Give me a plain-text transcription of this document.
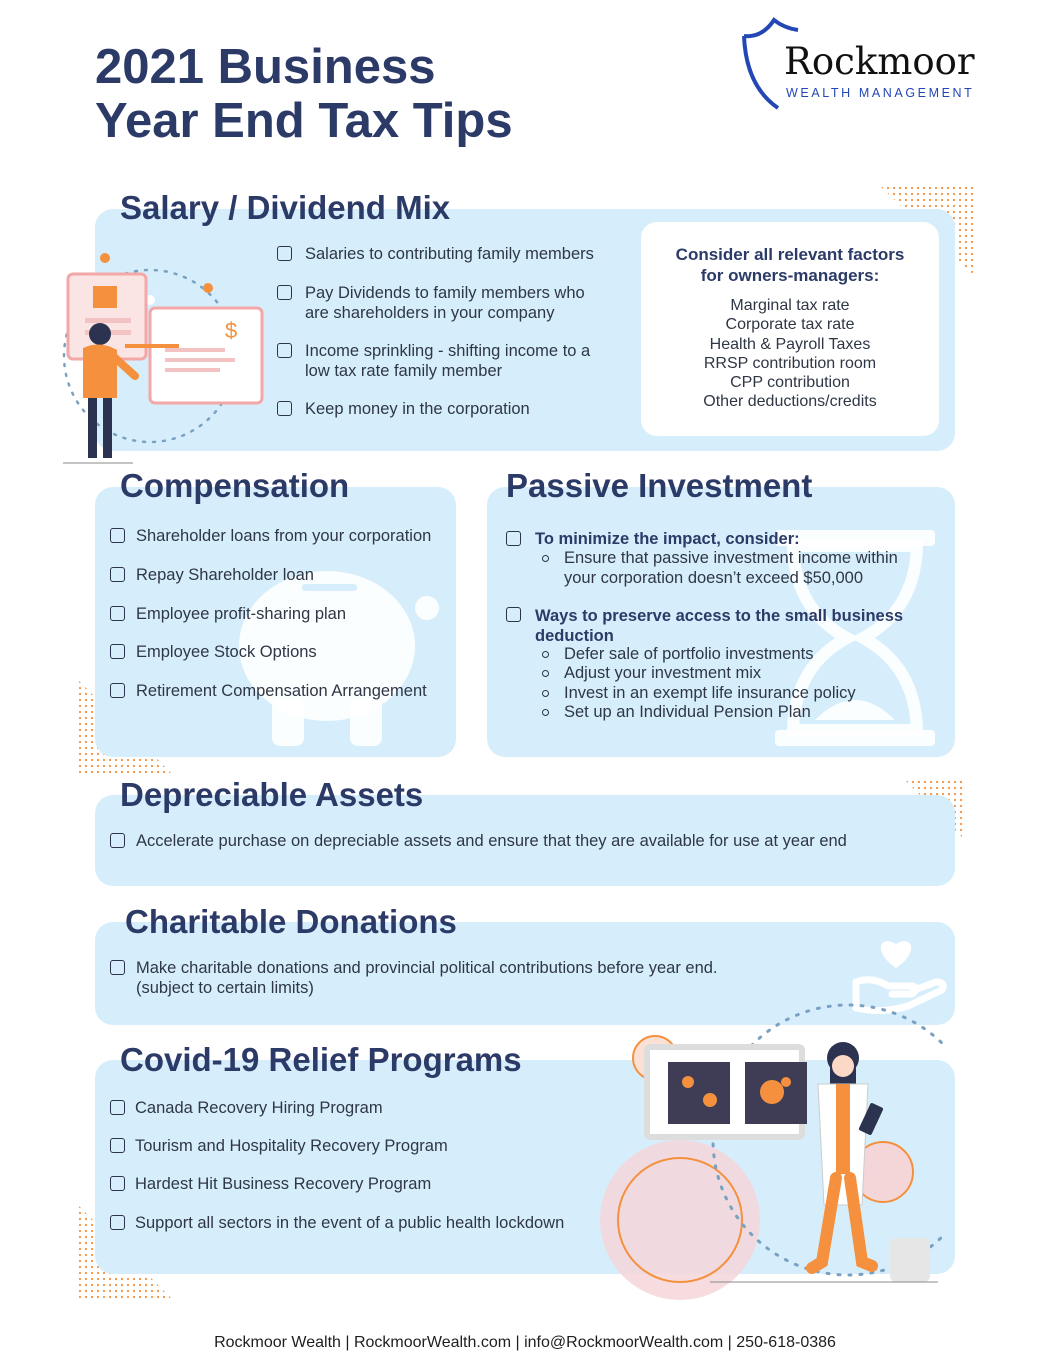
2021 Business
Year End Tax Tips
Rockmoor
WEALTH MANAGEMENT
Salary / Dividend Mix
$
Salaries to contributing family members
Pay Dividends to family members who
are shareholders in your company
Income sprinkling - shifting income to a
low tax rate family member
Keep money in the corporation
Consider all relevant factors
for owners-managers:
Marginal tax rate
Corporate tax rate
Health & Payroll Taxes
RRSP contribution room
CPP contribution
Other deductions/credits
Compensation
Shareholder loans from your corporation
Repay Shareholder loan
Employee profit-sharing plan
Employee Stock Options
Retirement Compensation Arrangement
Passive Investment
To minimize the impact, consider:
Ensure that passive investment income within
your corporation doesn’t exceed $50,000
Ways to preserve access to the small business
deduction
Defer sale of portfolio investments
Adjust your investment mix
Invest in an exempt life insurance policy
Set up an Individual Pension Plan
Depreciable Assets
Accelerate purchase on depreciable assets and ensure that they are available for use at year end
Charitable Donations
Make charitable donations and provincial political contributions before year end.
(subject to certain limits)
Covid-19 Relief Programs
Canada Recovery Hiring Program
Tourism and Hospitality Recovery Program
Hardest Hit Business Recovery Program
Support all sectors in the event of a public health lockdown
Rockmoor Wealth | RockmoorWealth.com | info@RockmoorWealth.com | 250-618-0386
